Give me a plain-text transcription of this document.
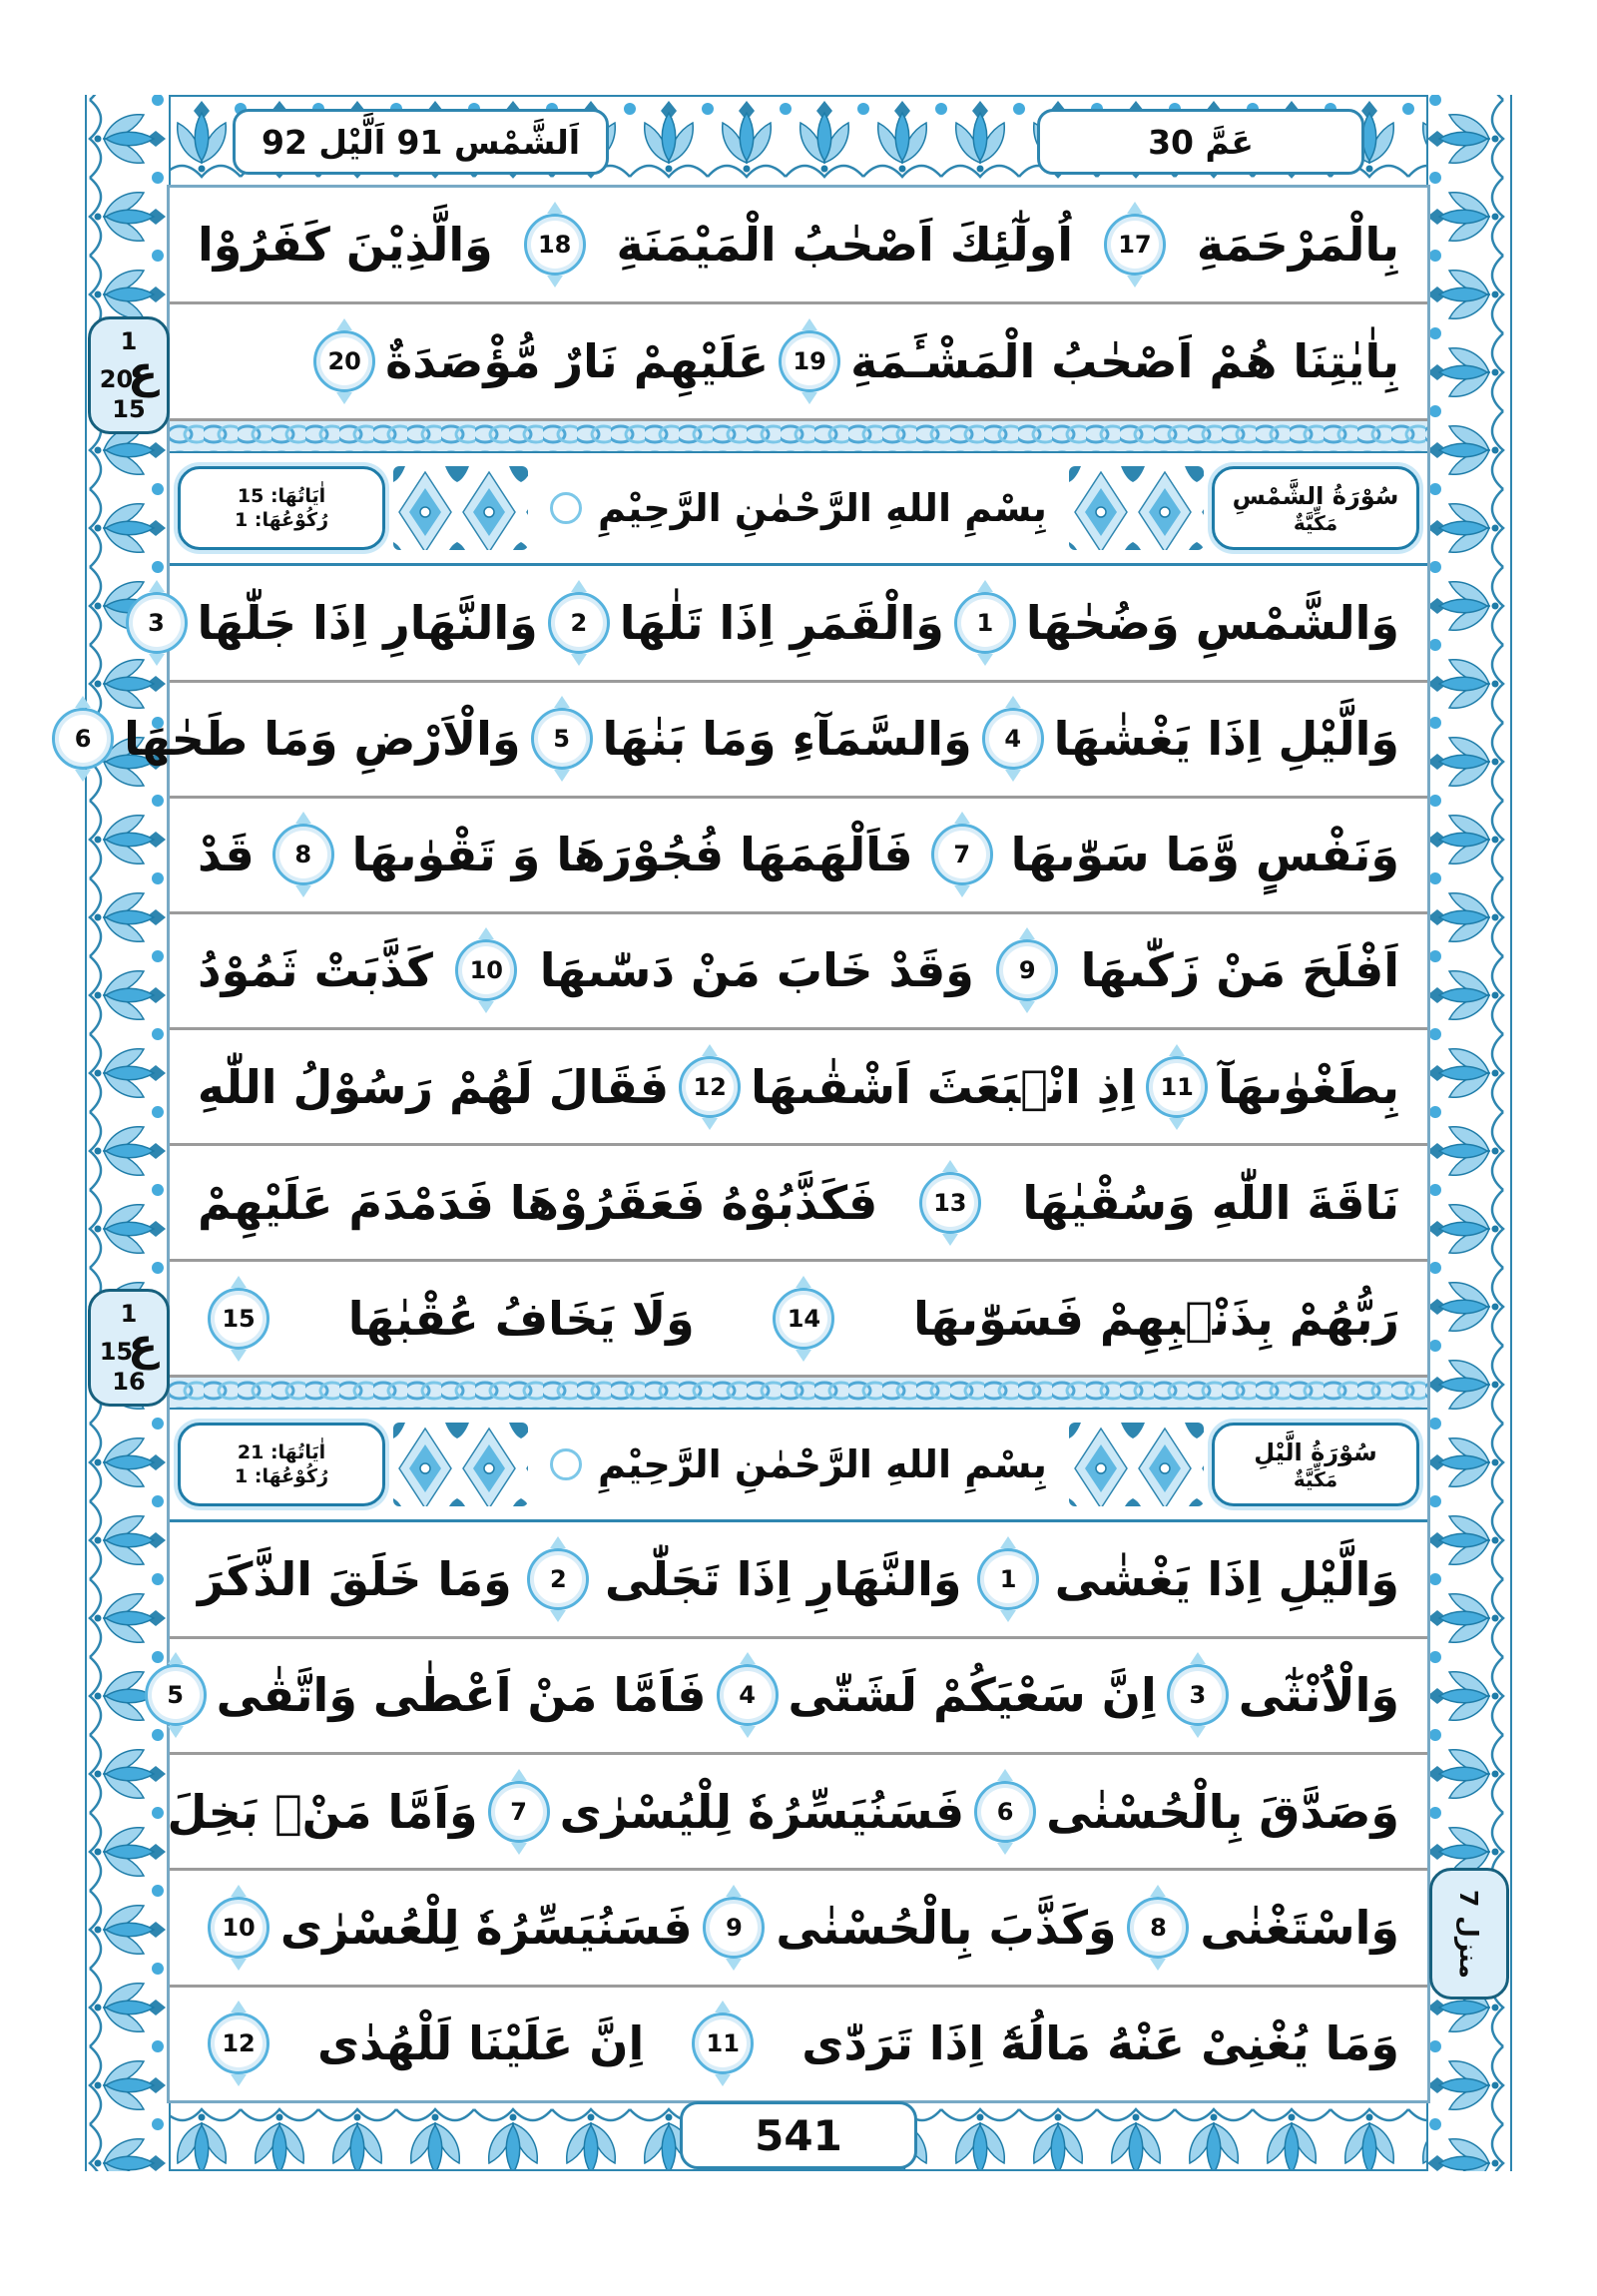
اَلشَّمْس 91 اَلَّيْل 92	عَمَّ 30
541
1
ع
20
15
1
ع
15
16
منزل 7
بِالْمَرْحَمَةِ
17
اُولٰٓئِكَ اَصْحٰبُ الْمَيْمَنَةِ
18
وَالَّذِيْنَ كَفَرُوْا
بِاٰيٰتِنَا هُمْ اَصْحٰبُ الْمَشْـَٔمَةِ
19
عَلَيْهِمْ نَارٌ مُّؤْصَدَةٌ
20
اٰيَاتُهَا: 15
رُكُوْعُهَا: 1	بِسْمِ اللهِ الرَّحْمٰنِ الرَّحِيْمِ	سُوْرَةُ الشَّمْسِ
مَكِّيَّةٌ
وَالشَّمْسِ وَضُحٰهَا
1
وَالْقَمَرِ اِذَا تَلٰهَا
2
وَالنَّهَارِ اِذَا جَلّٰهَا
3
وَالَّيْلِ اِذَا يَغْشٰهَا
4
وَالسَّمَآءِ وَمَا بَنٰهَا
5
وَالْاَرْضِ وَمَا طَحٰهَا
6
وَنَفْسٍ وَّمَا سَوّٰىهَا
7
فَاَلْهَمَهَا فُجُوْرَهَا وَ تَقْوٰىهَا
8
قَدْ
اَفْلَحَ مَنْ زَكّٰىهَا
9
وَقَدْ خَابَ مَنْ دَسّٰىهَا
10
كَذَّبَتْ ثَمُوْدُ
بِطَغْوٰىهَآ
11
اِذِ انْۢبَعَثَ اَشْقٰىهَا
12
فَقَالَ لَهُمْ رَسُوْلُ اللّٰهِ
نَاقَةَ اللّٰهِ وَسُقْيٰهَا
13
فَكَذَّبُوْهُ فَعَقَرُوْهَا فَدَمْدَمَ عَلَيْهِمْ
رَبُّهُمْ بِذَنْۢبِهِمْ فَسَوّٰىهَا
14
وَلَا يَخَافُ عُقْبٰهَا
15
اٰيَاتُهَا: 21
رُكُوْعُهَا: 1	بِسْمِ اللهِ الرَّحْمٰنِ الرَّحِيْمِ	سُوْرَةُ الَّيْلِ
مَكِّيَّةٌ
وَالَّيْلِ اِذَا يَغْشٰى
1
وَالنَّهَارِ اِذَا تَجَلّٰى
2
وَمَا خَلَقَ الذَّكَرَ
وَالْاُنْثٰٓى
3
اِنَّ سَعْيَكُمْ لَشَتّٰى
4
فَاَمَّا مَنْ اَعْطٰى وَاتَّقٰى
5
وَصَدَّقَ بِالْحُسْنٰى
6
فَسَنُيَسِّرُهٗ لِلْيُسْرٰى
7
وَاَمَّا مَنْۢ بَخِلَ
وَاسْتَغْنٰى
8
وَكَذَّبَ بِالْحُسْنٰى
9
فَسَنُيَسِّرُهٗ لِلْعُسْرٰى
10
وَمَا يُغْنِىْ عَنْهُ مَالُهٗٓ اِذَا تَرَدّٰى
11
اِنَّ عَلَيْنَا لَلْهُدٰى
12
